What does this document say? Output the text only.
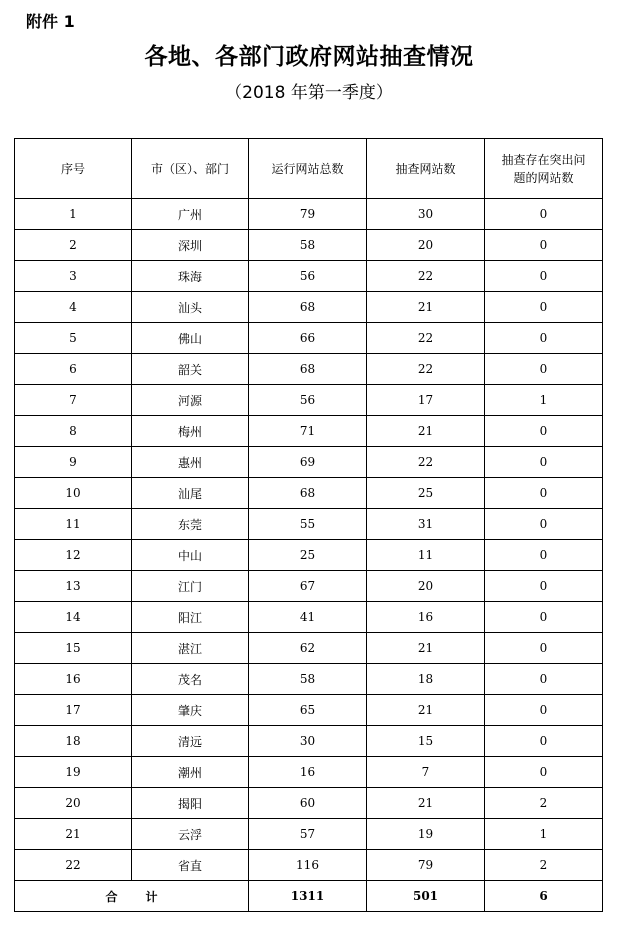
附件 1
各地、各部门政府网站抽查情况
（2018 年第一季度）
序号	市（区）、部门	运行网站总数	抽查网站数	抽查存在突出问题的网站数

1	广州	79	30	0
2	深圳	58	20	0
3	珠海	56	22	0
4	汕头	68	21	0
5	佛山	66	22	0
6	韶关	68	22	0
7	河源	56	17	1
8	梅州	71	21	0
9	惠州	69	22	0
10	汕尾	68	25	0
11	东莞	55	31	0
12	中山	25	11	0
13	江门	67	20	0
14	阳江	41	16	0
15	湛江	62	21	0
16	茂名	58	18	0
17	肇庆	65	21	0
18	清远	30	15	0
19	潮州	16	7	0
20	揭阳	60	21	2
21	云浮	57	19	1
22	省直	116	79	2
合计		1311	501	6
